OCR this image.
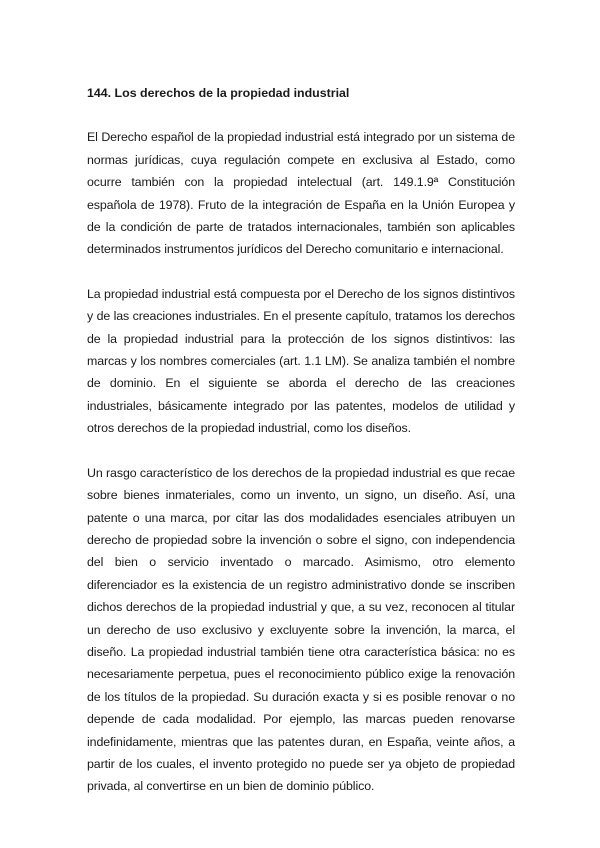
144. Los derechos de la propiedad industrial

El Derecho español de la propiedad industrial está integrado por un sistema de normas jurídicas, cuya regulación compete en exclusiva al Estado, como ocurre también con la propiedad intelectual (art. 149.1.9ª Constitución española de 1978). Fruto de la integración de España en la Unión Europea y de la condición de parte de tratados internacionales, también son aplicables determinados instrumentos jurídicos del Derecho comunitario e internacional.

La propiedad industrial está compuesta por el Derecho de los signos distintivos y de las creaciones industriales. En el presente capítulo, tratamos los derechos de la propiedad industrial para la protección de los signos distintivos: las marcas y los nombres comerciales (art. 1.1 LM). Se analiza también el nombre de dominio. En el siguiente se aborda el derecho de las creaciones industriales, básicamente integrado por las patentes, modelos de utilidad y otros derechos de la propiedad industrial, como los diseños.

Un rasgo característico de los derechos de la propiedad industrial es que recae sobre bienes inmateriales, como un invento, un signo, un diseño. Así, una patente o una marca, por citar las dos modalidades esenciales atribuyen un derecho de propiedad sobre la invención o sobre el signo, con independencia del bien o servicio inventado o marcado. Asimismo, otro elemento diferenciador es la existencia de un registro administrativo donde se inscriben dichos derechos de la propiedad industrial y que, a su vez, reconocen al titular un derecho de uso exclusivo y excluyente sobre la invención, la marca, el diseño. La propiedad industrial también tiene otra característica básica: no es necesariamente perpetua, pues el reconocimiento público exige la renovación de los títulos de la propiedad. Su duración exacta y si es posible renovar o no depende de cada modalidad. Por ejemplo, las marcas pueden renovarse indefinidamente, mientras que las patentes duran, en España, veinte años, a partir de los cuales, el invento protegido no puede ser ya objeto de propiedad privada, al convertirse en un bien de dominio público.
